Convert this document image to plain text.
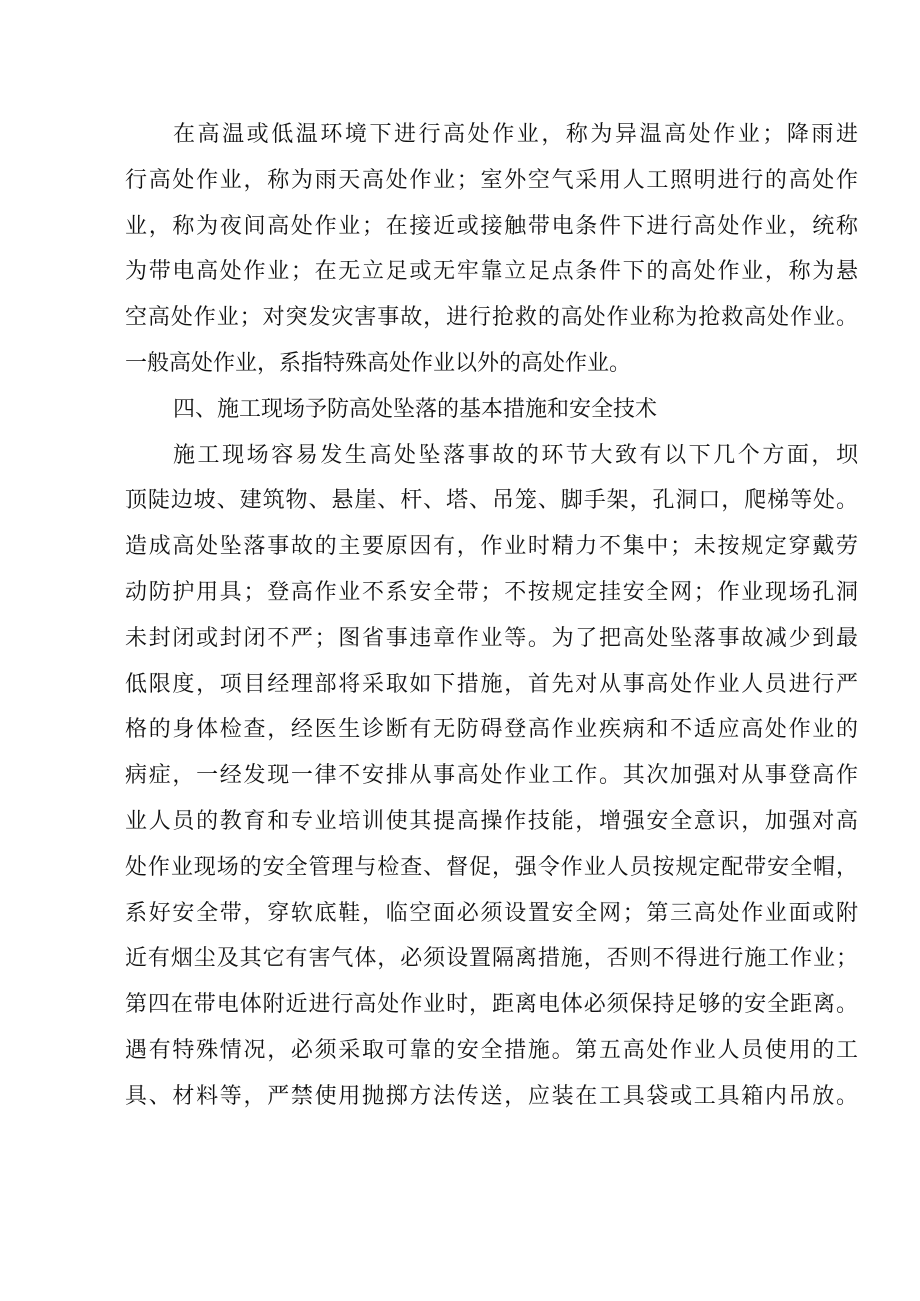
在高温或低温环境下进行高处作业，称为异温高处作业；降雨进
行高处作业，称为雨天高处作业；室外空气采用人工照明进行的高处作
业，称为夜间高处作业；在接近或接触带电条件下进行高处作业，统称
为带电高处作业；在无立足或无牢靠立足点条件下的高处作业，称为悬
空高处作业；对突发灾害事故，进行抢救的高处作业称为抢救高处作业。
一般高处作业，系指特殊高处作业以外的高处作业。
四、施工现场予防高处坠落的基本措施和安全技术
施工现场容易发生高处坠落事故的环节大致有以下几个方面，坝
顶陡边坡、建筑物、悬崖、杆、塔、吊笼、脚手架，孔洞口，爬梯等处。
造成高处坠落事故的主要原因有，作业时精力不集中；未按规定穿戴劳
动防护用具；登高作业不系安全带；不按规定挂安全网；作业现场孔洞
未封闭或封闭不严；图省事违章作业等。为了把高处坠落事故减少到最
低限度，项目经理部将采取如下措施，首先对从事高处作业人员进行严
格的身体检查，经医生诊断有无防碍登高作业疾病和不适应高处作业的
病症，一经发现一律不安排从事高处作业工作。其次加强对从事登高作
业人员的教育和专业培训使其提高操作技能，增强安全意识，加强对高
处作业现场的安全管理与检查、督促，强令作业人员按规定配带安全帽，
系好安全带，穿软底鞋，临空面必须设置安全网；第三高处作业面或附
近有烟尘及其它有害气体，必须设置隔离措施，否则不得进行施工作业；
第四在带电体附近进行高处作业时，距离电体必须保持足够的安全距离。
遇有特殊情况，必须采取可靠的安全措施。第五高处作业人员使用的工
具、材料等，严禁使用抛掷方法传送，应装在工具袋或工具箱内吊放。
